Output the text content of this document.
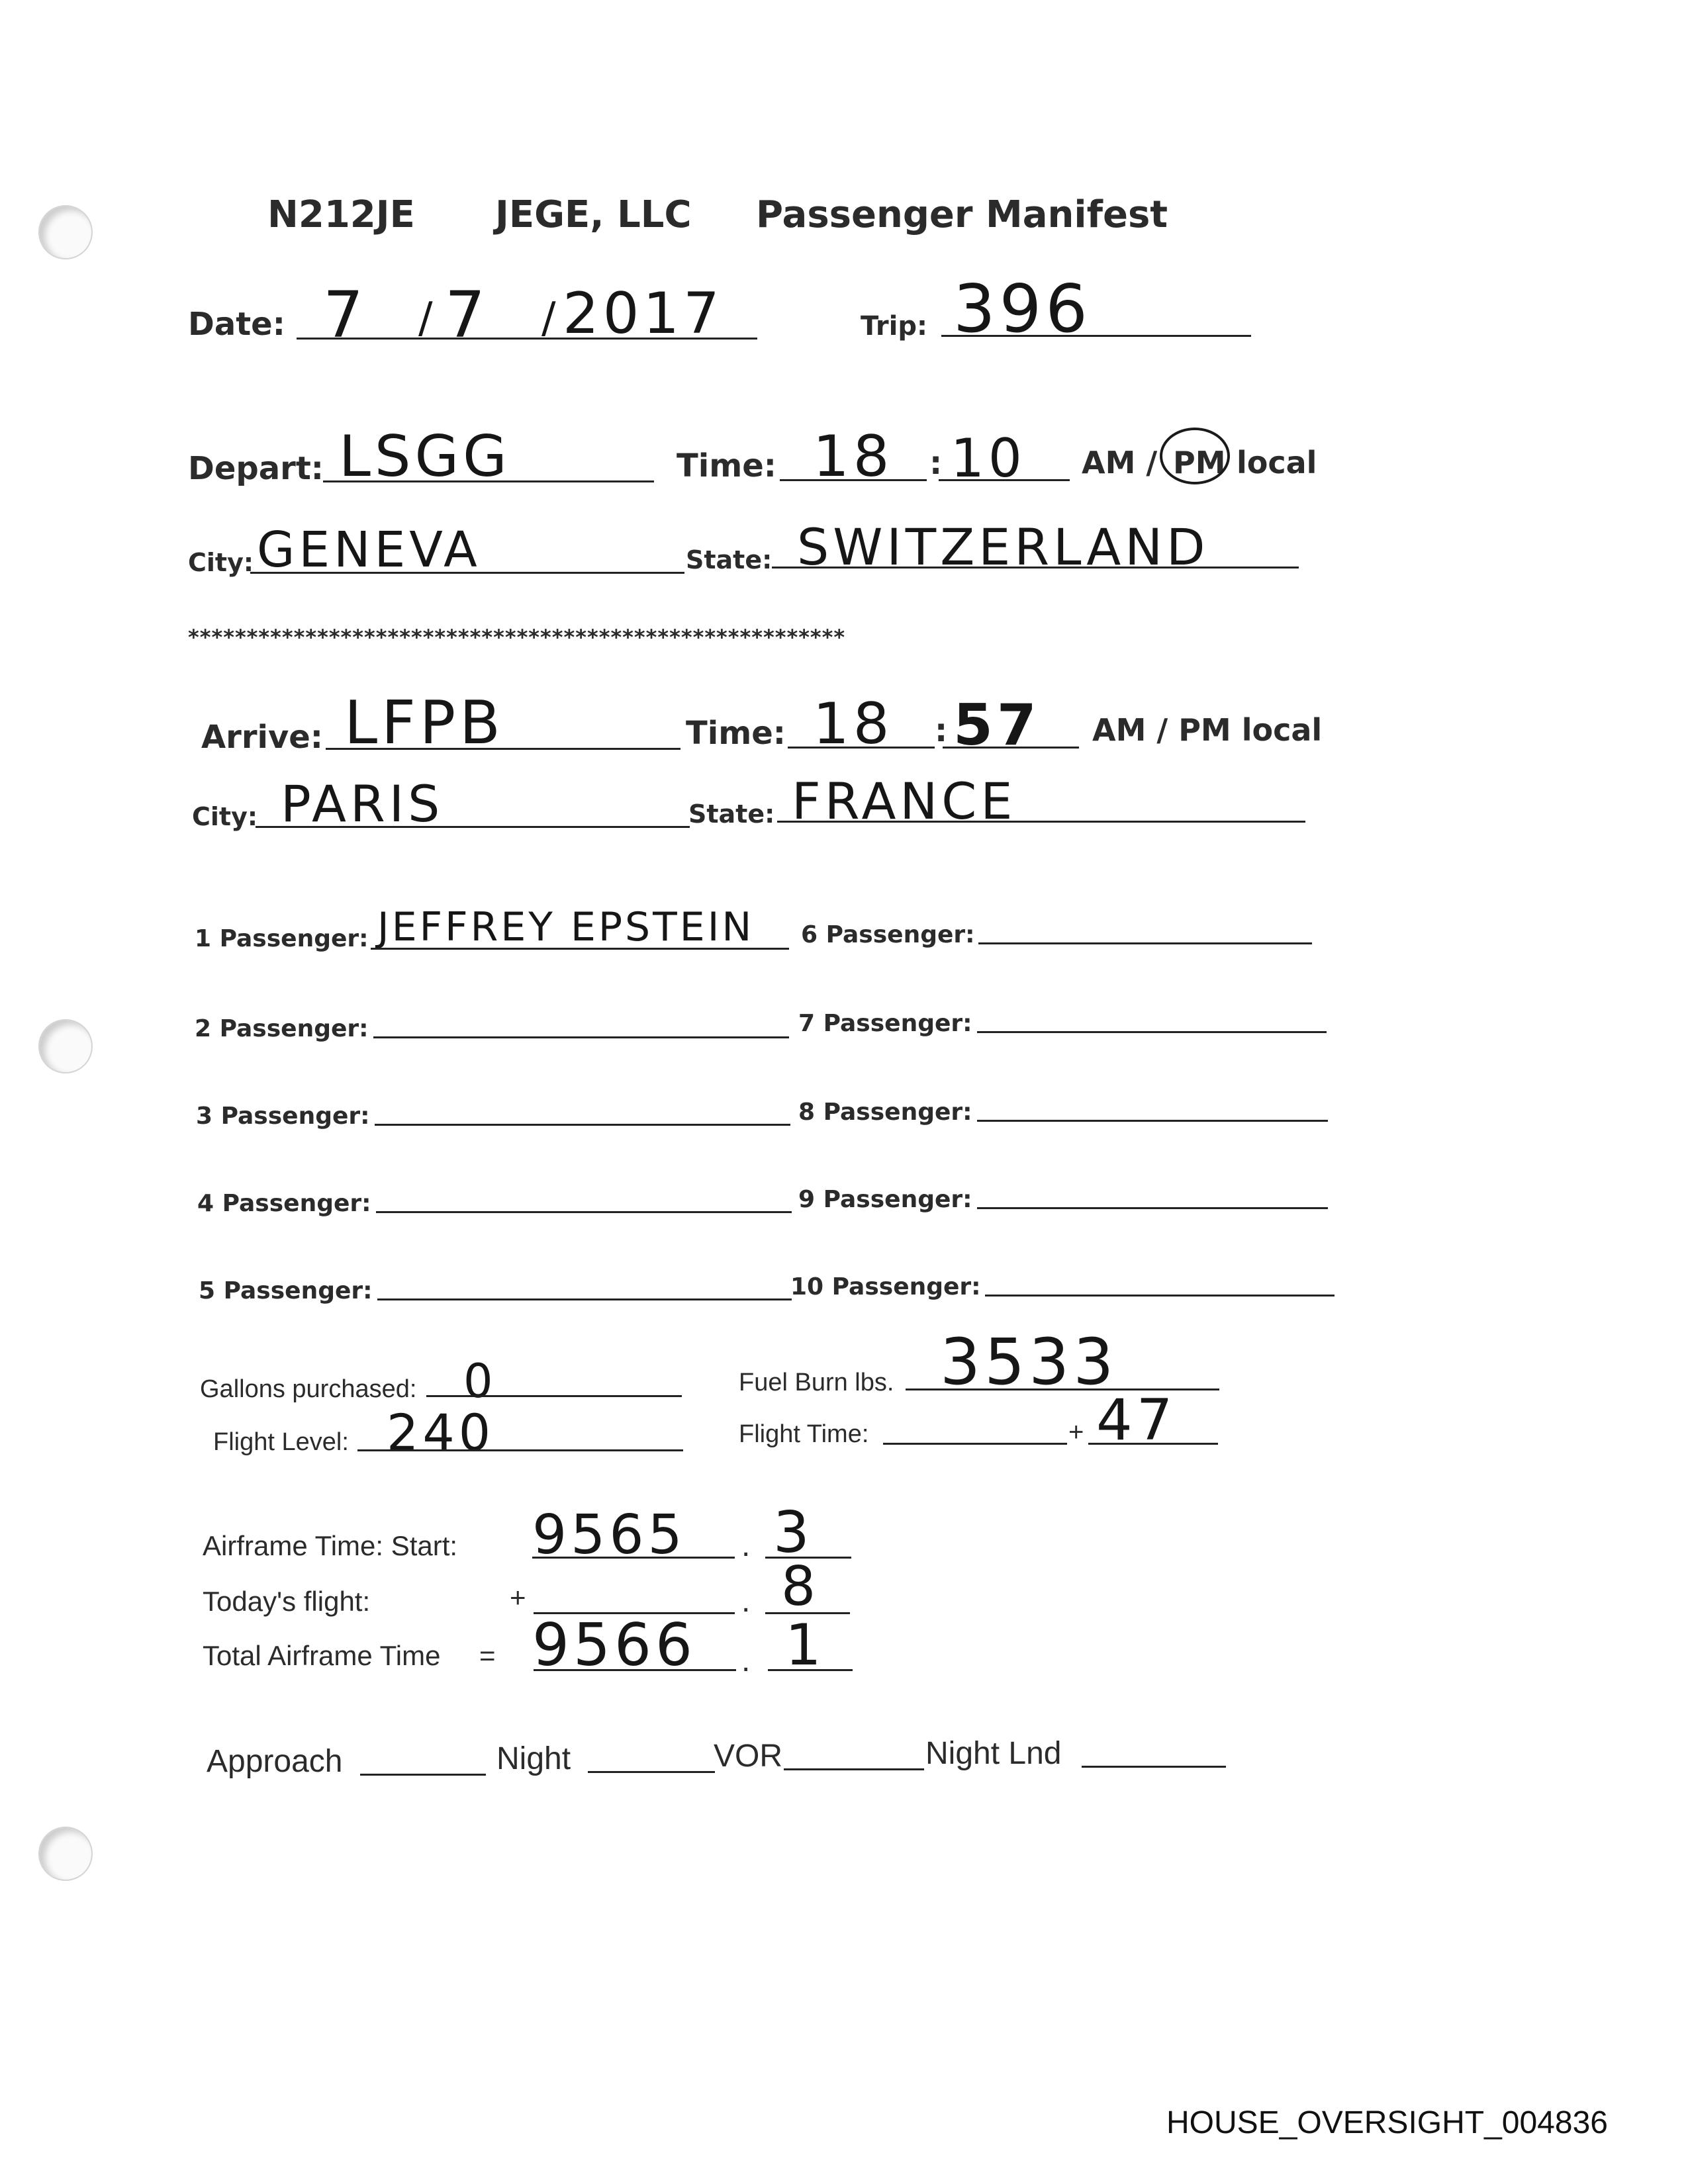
N212JE JEGE, LLC Passenger Manifest
Date: 7 / 7 / 2017	Trip: 396
Depart: LSGG	Time: 18 : 10 AM / PM local
City: GENEVA	State: SWITZERLAND
********************************************************
Arrive: LFPB	Time: 18 : 57 AM / PM local
City: PARIS	State: FRANCE
1 Passenger: JEFFREY EPSTEIN
2 Passenger:
3 Passenger:
4 Passenger:
5 Passenger:
6 Passenger:
7 Passenger:
8 Passenger:
9 Passenger:
10 Passenger:
Gallons purchased: 0	Fuel Burn lbs. 3533
Flight Level: 240	Flight Time:	+ 47
Airframe Time: Start: 9565 . 3
Today's flight:	+	. 8
Total Airframe Time = 9566 . 1
Approach	Night	VOR	Night Lnd
HOUSE_OVERSIGHT_004836
